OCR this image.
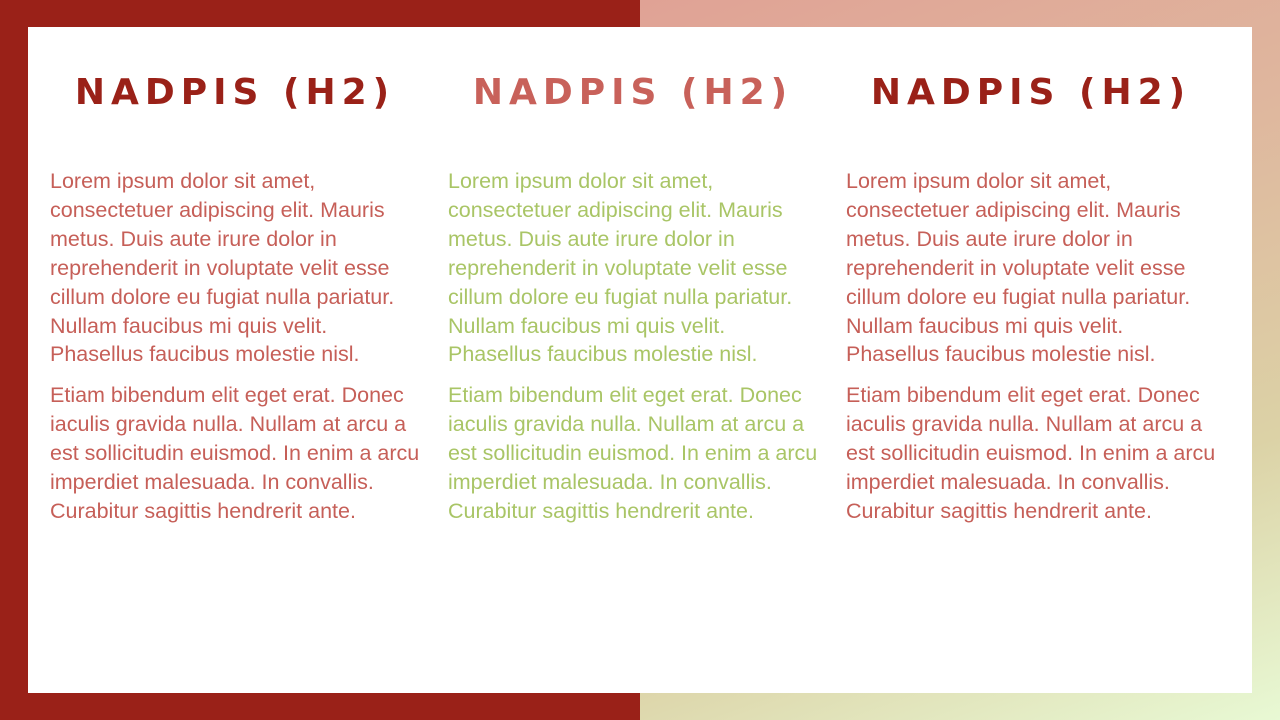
NADPIS (H2)

Lorem ipsum dolor sit amet, consectetuer adipiscing elit. Mauris metus. Duis aute irure dolor in reprehenderit in voluptate velit esse cillum dolore eu fugiat nulla pariatur. Nullam faucibus mi quis velit. Phasellus faucibus molestie nisl.

Etiam bibendum elit eget erat. Donec iaculis gravida nulla. Nullam at arcu a est sollicitudin euismod. In enim a arcu imperdiet malesuada. In convallis. Curabitur sagittis hendrerit ante.

NADPIS (H2)

Lorem ipsum dolor sit amet, consectetuer adipiscing elit. Mauris metus. Duis aute irure dolor in reprehenderit in voluptate velit esse cillum dolore eu fugiat nulla pariatur. Nullam faucibus mi quis velit. Phasellus faucibus molestie nisl.

Etiam bibendum elit eget erat. Donec iaculis gravida nulla. Nullam at arcu a est sollicitudin euismod. In enim a arcu imperdiet malesuada. In convallis. Curabitur sagittis hendrerit ante.

NADPIS (H2)

Lorem ipsum dolor sit amet, consectetuer adipiscing elit. Mauris metus. Duis aute irure dolor in reprehenderit in voluptate velit esse cillum dolore eu fugiat nulla pariatur. Nullam faucibus mi quis velit. Phasellus faucibus molestie nisl.

Etiam bibendum elit eget erat. Donec iaculis gravida nulla. Nullam at arcu a est sollicitudin euismod. In enim a arcu imperdiet malesuada. In convallis. Curabitur sagittis hendrerit ante.
